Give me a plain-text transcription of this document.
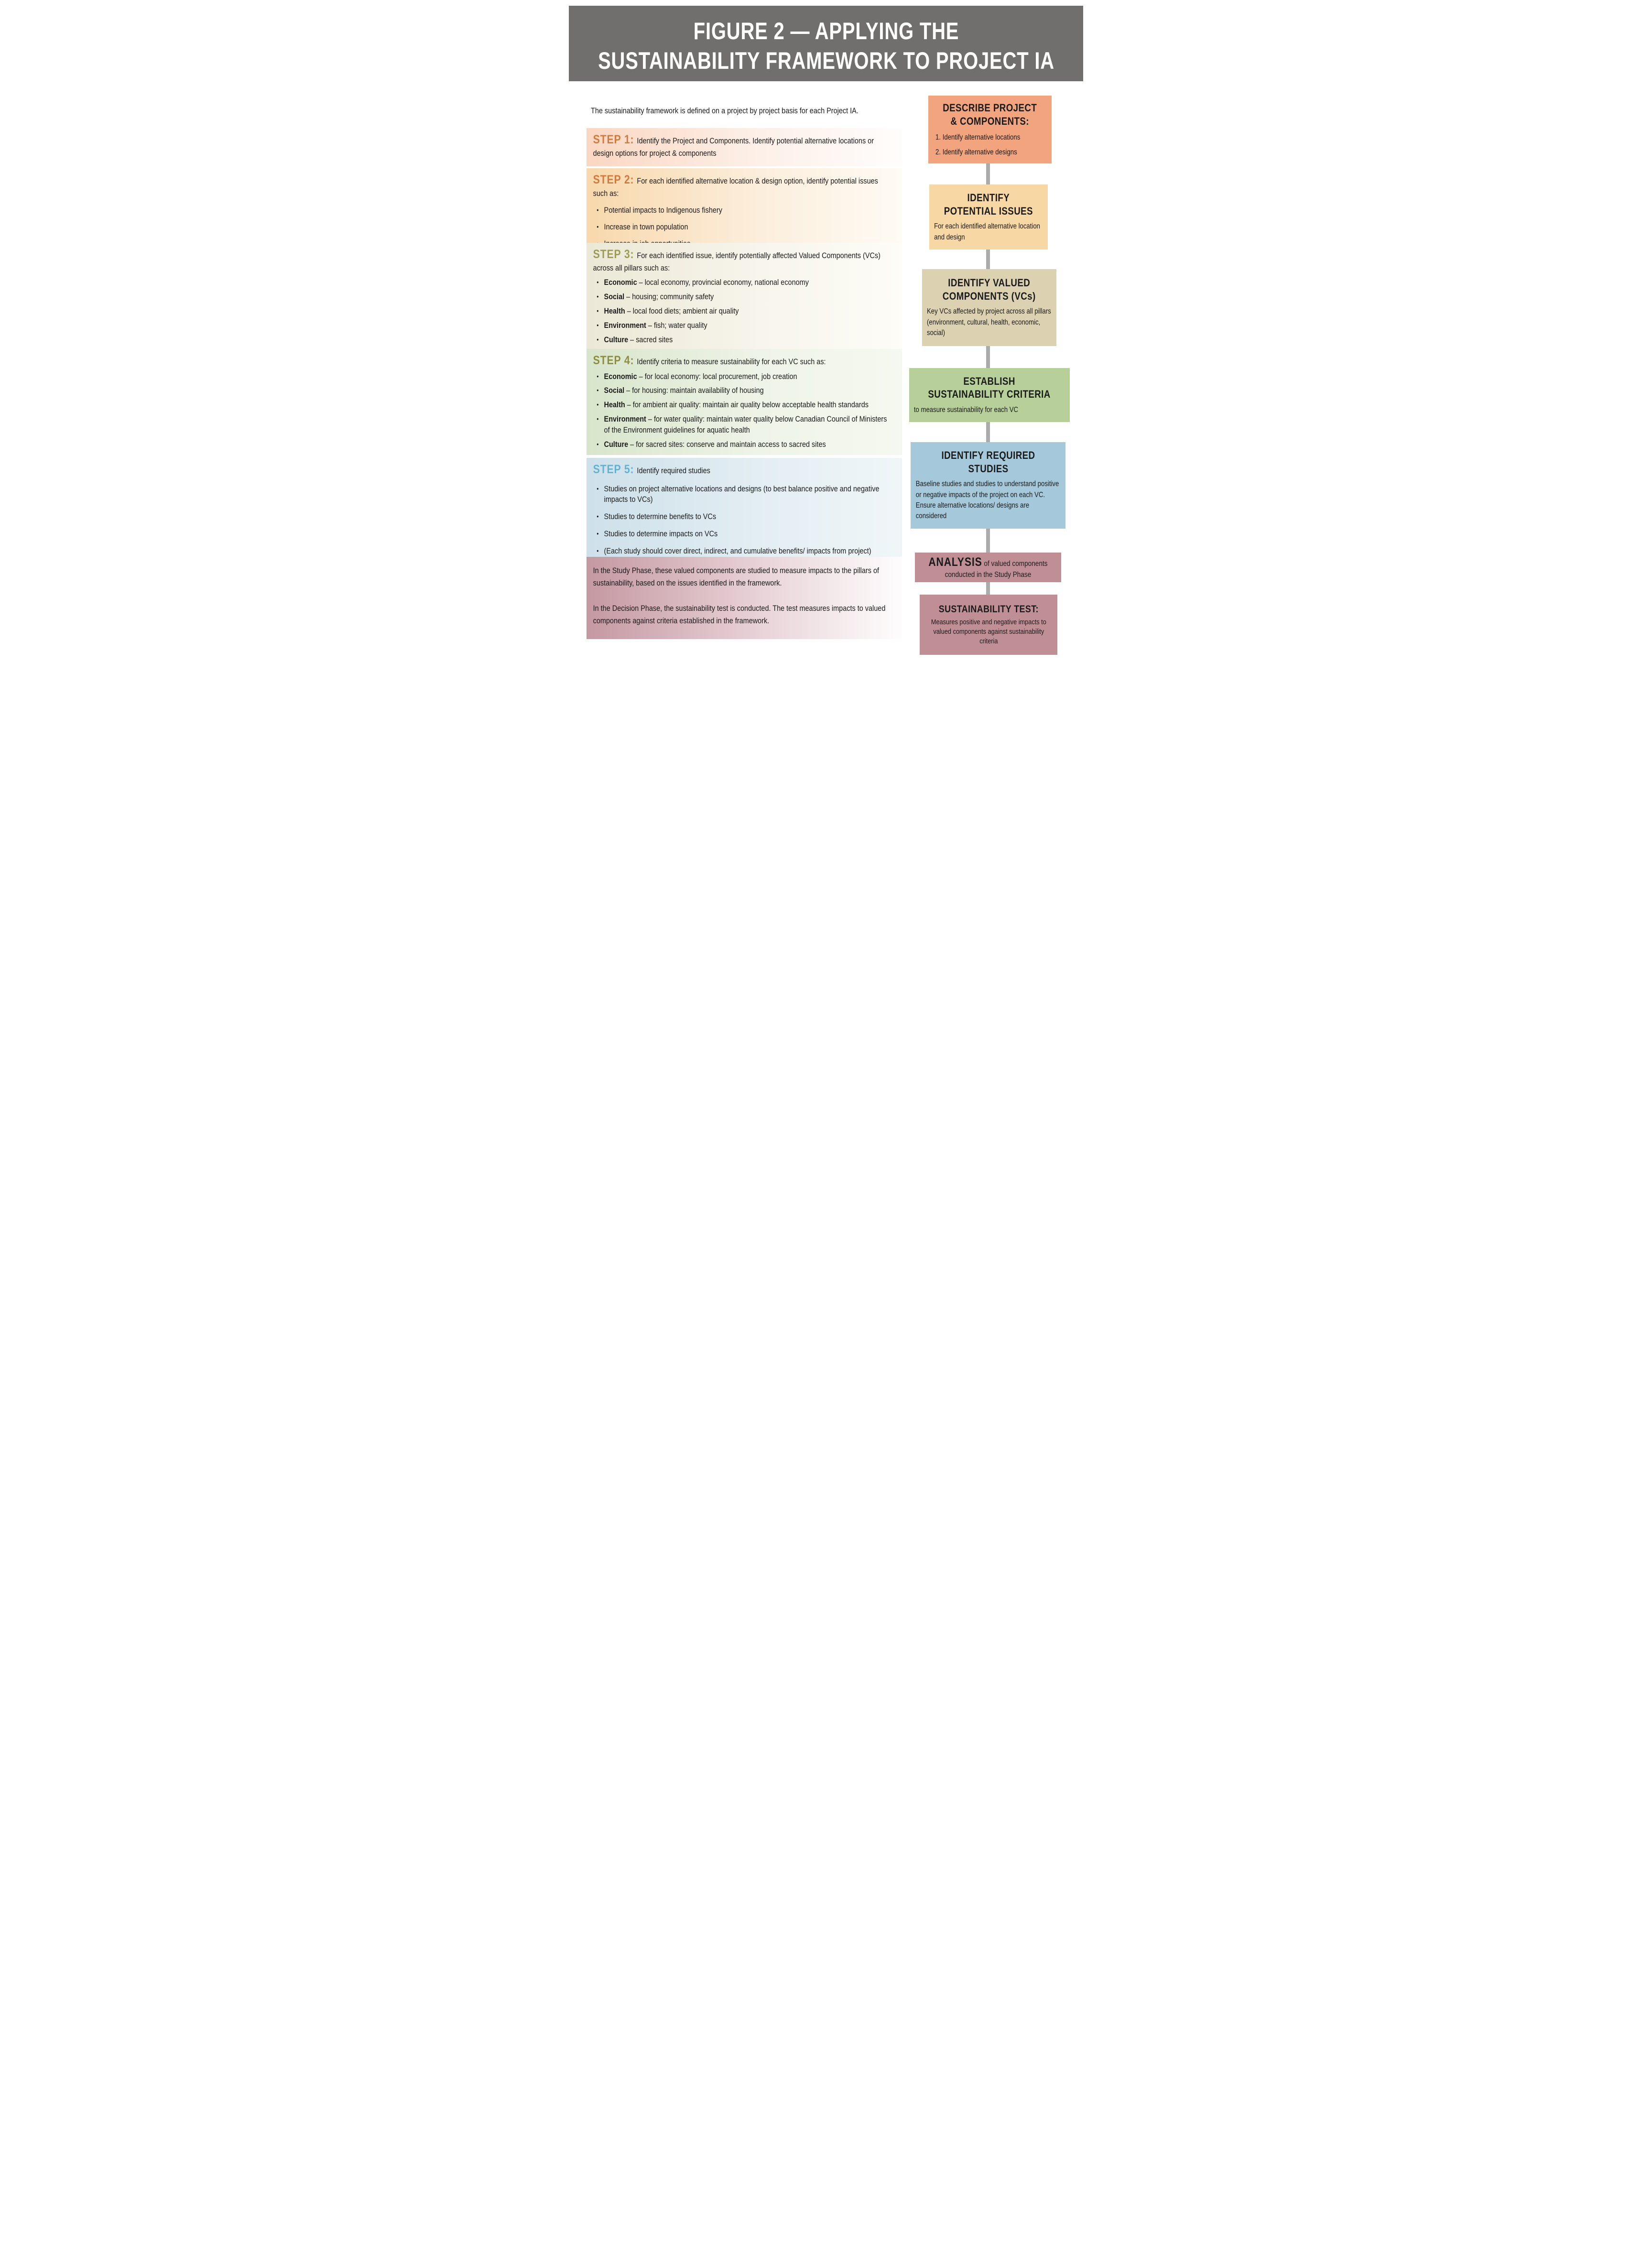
FIGURE 2 — APPLYING THE
SUSTAINABILITY FRAMEWORK TO PROJECT IA
The sustainability framework is defined on a project by project basis for each Project IA.
STEP 1: Identify the Project and Components. Identify potential alternative locations or design options for project & components
STEP 2: For each identified alternative location & design option, identify potential issues such as:
• Potential impacts to Indigenous fishery
• Increase in town population
•
STEP 3: For each identified issue, identify potentially affected Valued Components (VCs) across all pillars such as:
• Economic – local economy, provincial economy, national economy
• Social – housing; community safety
• Health – local food diets; ambient air quality
• Environment – fish; water quality
• Culture – sacred sites
STEP 4: Identify criteria to measure sustainability for each VC such as:
• Economic – for local economy: local procurement, job creation
• Social – for housing: maintain availability of housing
• Health – for ambient air quality: maintain air quality below acceptable health standards
• Environment – for water quality: maintain water quality below Canadian Council of Ministers of the Environment guidelines for aquatic health
• Culture – for sacred sites: conserve and maintain access to sacred sites
STEP 5: Identify required studies
• Studies on project alternative locations and designs (to best balance positive and negative impacts to VCs)
• Studies to determine benefits to VCs
• Studies to determine impacts on VCs
• (Each study should cover direct, indirect, and cumulative benefits/ impacts from project)

In the Study Phase, these valued components are studied to measure impacts to the pillars of sustainability, based on the issues identified in the framework.

In the Decision Phase, the sustainability test is conducted. The test measures impacts to valued components against criteria established in the framework.

DESCRIBE PROJECT
& COMPONENTS:
1. Identify alternative locations
2. Identify alternative designs
IDENTIFY
POTENTIAL ISSUES
For each identified alternative location and design
IDENTIFY VALUED
COMPONENTS (VCs)
Key VCs affected by project across all pillars (environment, cultural, health, economic, social)
ESTABLISH
SUSTAINABILITY CRITERIA
to measure sustainability for each VC
IDENTIFY REQUIRED
STUDIES
Baseline studies and studies to understand positive or negative impacts of the project on each VC. Ensure alternative locations/ designs are considered
ANALYSIS of valued components conducted in the Study Phase
SUSTAINABILITY TEST:
Measures positive and negative impacts to valued components against sustainability criteria
